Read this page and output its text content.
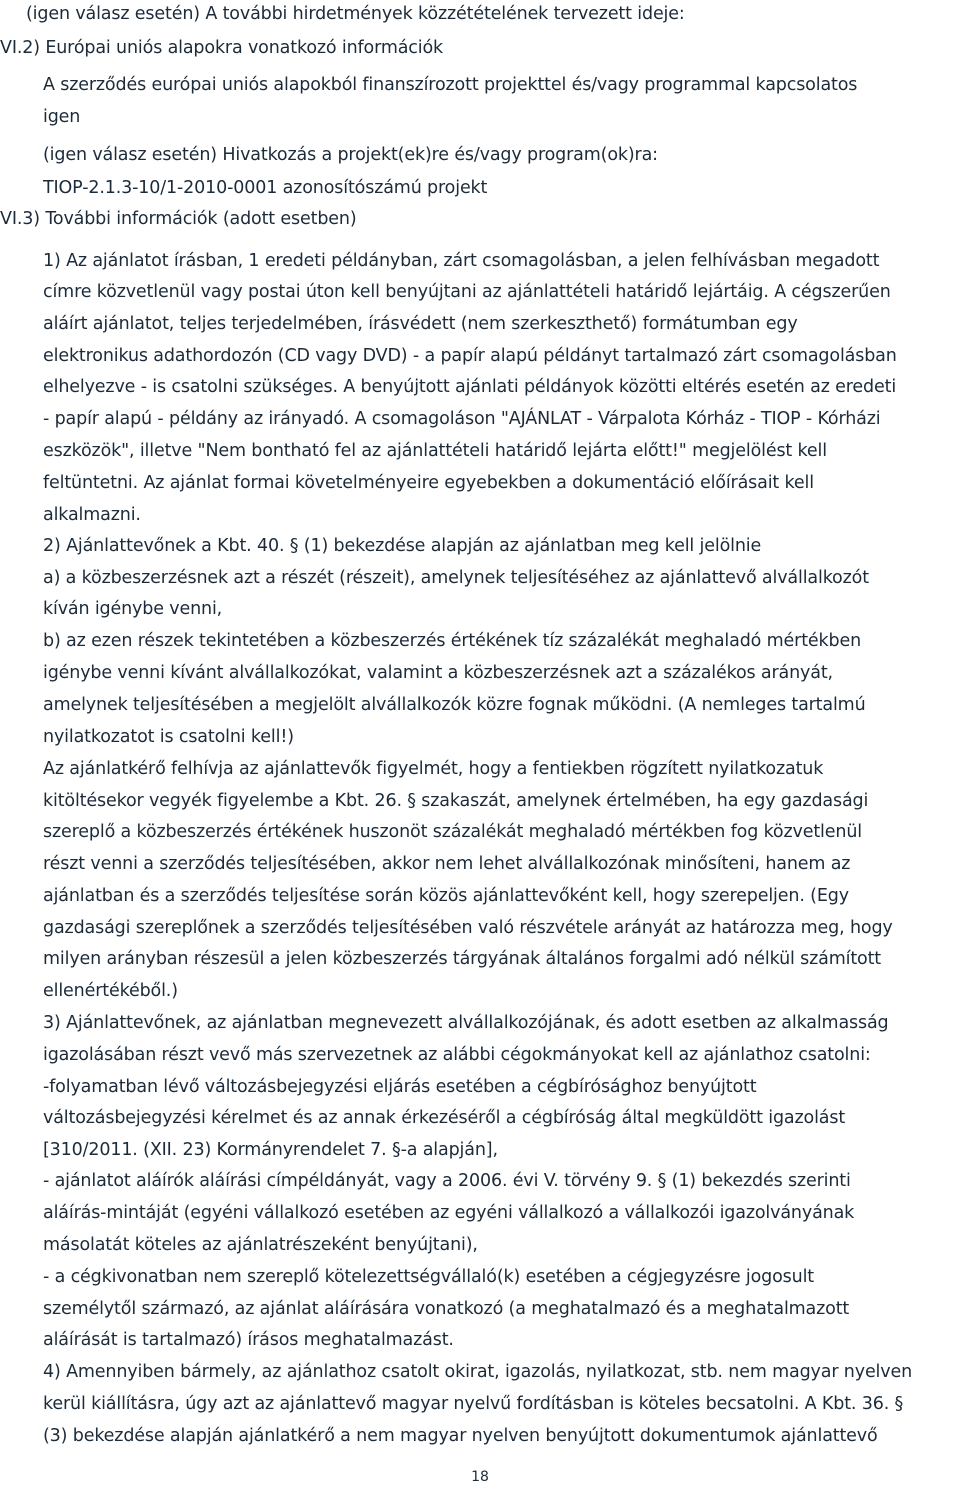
(igen válasz esetén) A további hirdetmények közzétételének tervezett ideje:
VI.2) Európai uniós alapokra vonatkozó információk
A szerződés európai uniós alapokból finanszírozott projekttel és/vagy programmal kapcsolatos
igen
(igen válasz esetén) Hivatkozás a projekt(ek)re és/vagy program(ok)ra:
TIOP-2.1.3-10/1-2010-0001 azonosítószámú projekt
VI.3) További információk (adott esetben)
1) Az ajánlatot írásban, 1 eredeti példányban, zárt csomagolásban, a jelen felhívásban megadott
címre közvetlenül vagy postai úton kell benyújtani az ajánlattételi határidő lejártáig. A cégszerűen
aláírt ajánlatot, teljes terjedelmében, írásvédett (nem szerkeszthető) formátumban egy
elektronikus adathordozón (CD vagy DVD) - a papír alapú példányt tartalmazó zárt csomagolásban
elhelyezve - is csatolni szükséges. A benyújtott ajánlati példányok közötti eltérés esetén az eredeti
- papír alapú - példány az irányadó. A csomagoláson "AJÁNLAT - Várpalota Kórház - TIOP - Kórházi
eszközök", illetve "Nem bontható fel az ajánlattételi határidő lejárta előtt!" megjelölést kell
feltüntetni. Az ajánlat formai követelményeire egyebekben a dokumentáció előírásait kell
alkalmazni.
2) Ajánlattevőnek a Kbt. 40. § (1) bekezdése alapján az ajánlatban meg kell jelölnie
a) a közbeszerzésnek azt a részét (részeit), amelynek teljesítéséhez az ajánlattevő alvállalkozót
kíván igénybe venni,
b) az ezen részek tekintetében a közbeszerzés értékének tíz százalékát meghaladó mértékben
igénybe venni kívánt alvállalkozókat, valamint a közbeszerzésnek azt a százalékos arányát,
amelynek teljesítésében a megjelölt alvállalkozók közre fognak működni. (A nemleges tartalmú
nyilatkozatot is csatolni kell!)
Az ajánlatkérő felhívja az ajánlattevők figyelmét, hogy a fentiekben rögzített nyilatkozatuk
kitöltésekor vegyék figyelembe a Kbt. 26. § szakaszát, amelynek értelmében, ha egy gazdasági
szereplő a közbeszerzés értékének huszonöt százalékát meghaladó mértékben fog közvetlenül
részt venni a szerződés teljesítésében, akkor nem lehet alvállalkozónak minősíteni, hanem az
ajánlatban és a szerződés teljesítése során közös ajánlattevőként kell, hogy szerepeljen. (Egy
gazdasági szereplőnek a szerződés teljesítésében való részvétele arányát az határozza meg, hogy
milyen arányban részesül a jelen közbeszerzés tárgyának általános forgalmi adó nélkül számított
ellenértékéből.)
3) Ajánlattevőnek, az ajánlatban megnevezett alvállalkozójának, és adott esetben az alkalmasság
igazolásában részt vevő más szervezetnek az alábbi cégokmányokat kell az ajánlathoz csatolni:
-folyamatban lévő változásbejegyzési eljárás esetében a cégbírósághoz benyújtott
változásbejegyzési kérelmet és az annak érkezéséről a cégbíróság által megküldött igazolást
[310/2011. (XII. 23) Kormányrendelet 7. §-a alapján],
- ajánlatot aláírók aláírási címpéldányát, vagy a 2006. évi V. törvény 9. § (1) bekezdés szerinti
aláírás-mintáját (egyéni vállalkozó esetében az egyéni vállalkozó a vállalkozói igazolványának
másolatát köteles az ajánlatrészeként benyújtani),
- a cégkivonatban nem szereplő kötelezettségvállaló(k) esetében a cégjegyzésre jogosult
személytől származó, az ajánlat aláírására vonatkozó (a meghatalmazó és a meghatalmazott
aláírását is tartalmazó) írásos meghatalmazást.
4) Amennyiben bármely, az ajánlathoz csatolt okirat, igazolás, nyilatkozat, stb. nem magyar nyelven
kerül kiállításra, úgy azt az ajánlattevő magyar nyelvű fordításban is köteles becsatolni. A Kbt. 36. §
(3) bekezdése alapján ajánlatkérő a nem magyar nyelven benyújtott dokumentumok ajánlattevő
18
